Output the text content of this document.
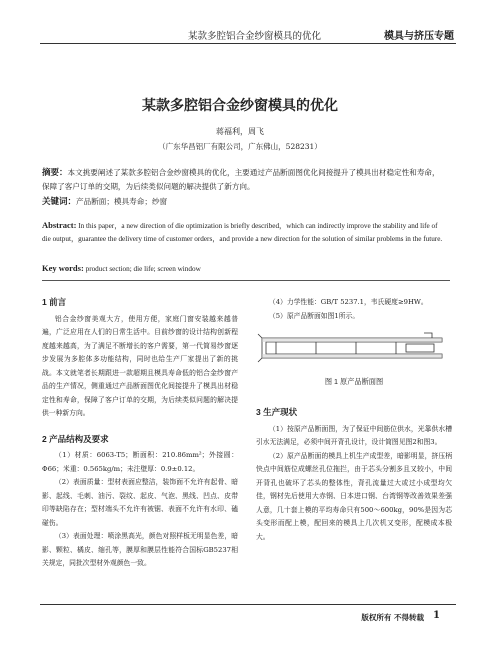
某款多腔铝合金纱窗模具的优化	模具与挤压专题
某款多腔铝合金纱窗模具的优化
蒋福利，周飞
（广东华昌铝厂有限公司，广东佛山，528231）
摘要：本文挑要阐述了某款多腔铝合金纱窗模具的优化，主要通过产品断面图优化间接提升了模具出材稳定性和寿命，保障了客户订单的交期，为后续类似问题的解决提供了新方向。
关键词：产品断面；模具寿命；纱窗
Abstract: In this paper，a new direction of die optimization is briefly described，which can indirectly improve the stability and life of die output，guarantee the delivery time of customer orders，and provide a new direction for the solution of similar problems in the future.
Key words: product section; die life; screen window
1 前言

铝合金纱窗美观大方，使用方便，家庭门窗安装越来越普遍，广泛应用在人们的日常生活中。目前纱窗的设计结构创新程度越来越高，为了满足不断增长的客户需要，第一代简易纱窗逐步发展为多腔体多功能结构，同时也给生产厂家提出了新的挑战。本文就笔者长期跟进一款超期且模具寿命低的铝合金纱窗产品的生产情况，侧重通过产品断面图优化间接提升了模具出材稳定性和寿命，保障了客户订单的交期，为后续类似问题的解决提供一种新方向。

2 产品结构及要求

（1）材质：6063-T5；断面积：210.86mm²；外接圆：Φ66；米重：0.565kg/m；未注壁厚：0.9±0.12。

（2）表面质量：型材表面应整洁，装饰面不允许有起骨、暗影、起线、毛刺、油污、裂纹、起皮、气泡、黑线、凹点、皮带印等缺陷存在；型材端头不允许有被锯、表面不允许有水印、磕碰伤。

（3）表面处理：喷涂黑高光，颜色对照样板无明显色差，暗影、颗粒、橘皮、缩孔等，膜厚和膜层性能符合国标GB5237相关规定，同批次型材外观颜色一致。

（4）力学性能：GB/T 5237.1，韦氏硬度≥9HW。

（5）原产品断面如图1所示。

图 1 原产品断面图
3 生产现状

（1）按原产品断面图，为了保证中间筋位供水，光靠供水槽引水无法满足，必须中间开背孔设计，设计简图见图2和图3。

（2）原产品断面的模具上机生产成型差，暗影明显，挤压柄快点中间筋位成螺丝孔位拖拦，由于芯头分割多且又较小，中间开背孔也破坏了芯头的整体性，背孔流量过大或过小成型均欠佳，钢材先后使用大赤钢、日本进口钢、台湾钢等改善效果差强人意，几十套上模的平均寿命只有500～600kg，90%是因为芯头变形而配上模，配回来的模具上几次机又变形，配模成本极大。

版权所有 不得转载 1
